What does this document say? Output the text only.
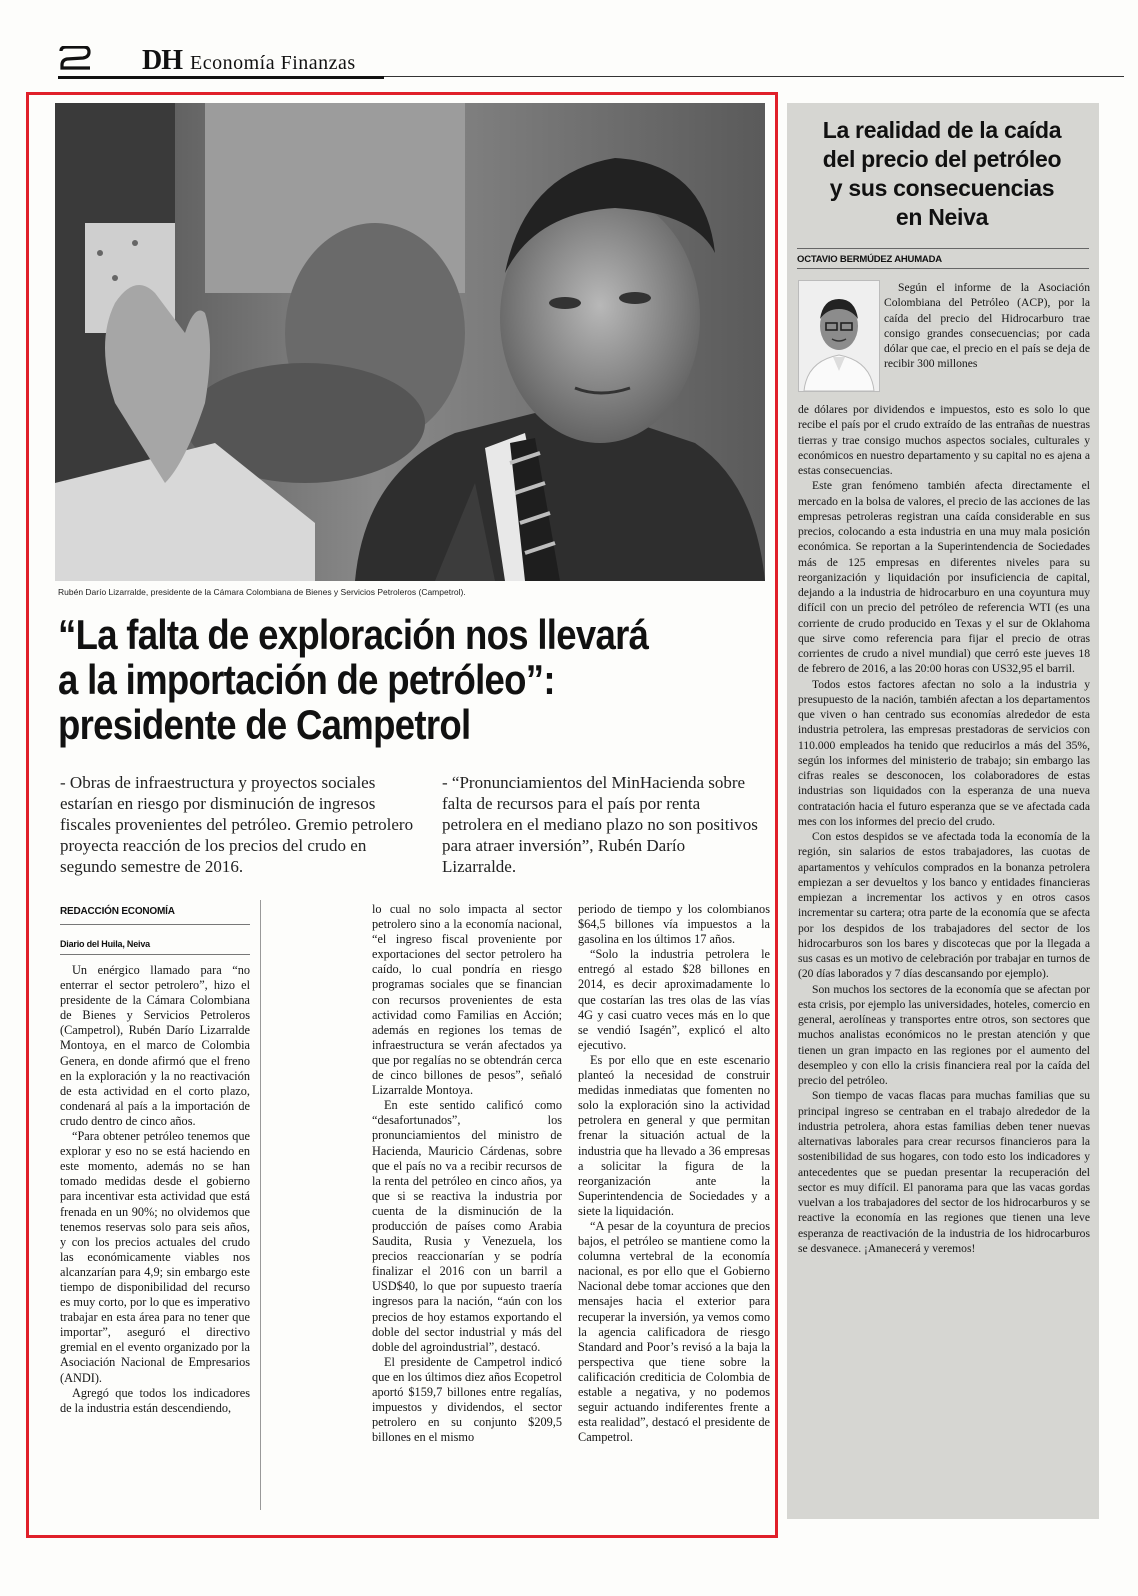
DH Economía Finanzas
Rubén Darío Lizarralde, presidente de la Cámara Colombiana de Bienes y Servicios Petroleros (Campetrol).
“La falta de exploración nos llevará
a la importación de petróleo”:
presidente de Campetrol
- Obras de infraestructura y proyectos sociales estarían en riesgo por disminución de ingresos fiscales provenientes del petróleo. Gremio petrolero proyecta reacción de los precios del crudo en segundo semestre de 2016.
- “Pronunciamientos del MinHacienda sobre falta de recursos para el país por renta petrolera en el mediano plazo no son positivos para atraer inversión”, Rubén Darío Lizarralde.
REDACCIÓN ECONOMÍA
Diario del Huila, Neiva

Un enérgico llamado para “no enterrar el sector petrolero”, hizo el presidente de la Cámara Colombiana de Bienes y Servicios Petroleros (Campetrol), Rubén Darío Lizarralde Montoya, en el marco de Colombia Genera, en donde afirmó que el freno en la exploración y la no reactivación de esta actividad en el corto plazo, condenará al país a la importación de crudo dentro de cinco años.

“Para obtener petróleo tenemos que explorar y eso no se está haciendo en este momento, además no se han tomado medidas desde el gobierno para incentivar esta actividad que está frenada en un 90%; no olvidemos que tenemos reservas solo para seis años, y con los precios actuales del crudo las económicamente viables nos alcanzarían para 4,9; sin embargo este tiempo de disponibilidad del recurso es muy corto, por lo que es imperativo trabajar en esta área para no tener que importar”, aseguró el directivo gremial en el evento organizado por la Asociación Nacional de Empresarios (ANDI).

Agregó que todos los indicadores de la industria están descendiendo,

lo cual no solo impacta al sector petrolero sino a la economía nacional, “el ingreso fiscal proveniente por exportaciones del sector petrolero ha caído, lo cual pondría en riesgo programas sociales que se financian con recursos provenientes de esta actividad como Familias en Acción; además en regiones los temas de infraestructura se verán afectados ya que por regalías no se obtendrán cerca de cinco billones de pesos”, señaló Lizarralde Montoya.

En este sentido calificó como “desafortunados”, los pronunciamientos del ministro de Hacienda, Mauricio Cárdenas, sobre que el país no va a recibir recursos de la renta del petróleo en cinco años, ya que si se reactiva la industria por cuenta de la disminución de la producción de países como Arabia Saudita, Rusia y Venezuela, los precios reaccionarían y se podría finalizar el 2016 con un barril a USD$40, lo que por supuesto traería ingresos para la nación, “aún con los precios de hoy estamos exportando el doble del sector industrial y más del doble del agroindustrial”, destacó.

El presidente de Campetrol indicó que en los últimos diez años Ecopetrol aportó $159,7 billones entre regalías, impuestos y dividendos, el sector petrolero en su conjunto $209,5 billones en el mismo

periodo de tiempo y los colombianos $64,5 billones vía impuestos a la gasolina en los últimos 17 años.

“Solo la industria petrolera le entregó al estado $28 billones en 2014, es decir aproximadamente lo que costarían las tres olas de las vías 4G y casi cuatro veces más en lo que se vendió Isagén”, explicó el alto ejecutivo.

Es por ello que en este escenario planteó la necesidad de construir medidas inmediatas que fomenten no solo la exploración sino la actividad petrolera en general y que permitan frenar la situación actual de la industria que ha llevado a 36 empresas a solicitar la figura de la reorganización ante la Superintendencia de Sociedades y a siete la liquidación.

“A pesar de la coyuntura de precios bajos, el petróleo se mantiene como la columna vertebral de la economía nacional, es por ello que el Gobierno Nacional debe tomar acciones que den mensajes hacia el exterior para recuperar la inversión, ya vemos como la agencia calificadora de riesgo Standard and Poor’s revisó a la baja la perspectiva que tiene sobre la calificación crediticia de Colombia de estable a negativa, y no podemos seguir actuando indiferentes frente a esta realidad”, destacó el presidente de Campetrol.

La realidad de la caída
del precio del petróleo
y sus consecuencias
en Neiva
OCTAVIO BERMÚDEZ AHUMADA

Según el informe de la Asociación Colombiana del Petróleo (ACP), por la caída del precio del Hidrocarburo trae consigo grandes consecuencias; por cada dólar que cae, el precio en el país se deja de recibir 300 millones

de dólares por dividendos e impuestos, esto es solo lo que recibe el país por el crudo extraído de las entrañas de nuestras tierras y trae consigo muchos aspectos sociales, culturales y económicos en nuestro departamento y su capital no es ajena a estas consecuencias.

Este gran fenómeno también afecta directamente el mercado en la bolsa de valores, el precio de las acciones de las empresas petroleras registran una caída considerable en sus precios, colocando a esta industria en una muy mala posición económica. Se reportan a la Superintendencia de Sociedades más de 125 empresas en diferentes niveles para su reorganización y liquidación por insuficiencia de capital, dejando a la industria de hidrocarburo en una coyuntura muy difícil con un precio del petróleo de referencia WTI (es una corriente de crudo producido en Texas y el sur de Oklahoma que sirve como referencia para fijar el precio de otras corrientes de crudo a nivel mundial) que cerró este jueves 18 de febrero de 2016, a las 20:00 horas con US32,95 el barril.

Todos estos factores afectan no solo a la industria y presupuesto de la nación, también afectan a los departamentos que viven o han centrado sus economías alrededor de esta industria petrolera, las empresas prestadoras de servicios con 110.000 empleados ha tenido que reducirlos a más del 35%, según los informes del ministerio de trabajo; sin embargo las cifras reales se desconocen, los colaboradores de estas industrias son liquidados con la esperanza de una nueva contratación hacia el futuro esperanza que se ve afectada cada mes con los informes del precio del crudo.

Con estos despidos se ve afectada toda la economía de la región, sin salarios de estos trabajadores, las cuotas de apartamentos y vehículos comprados en la bonanza petrolera empiezan a ser devueltos y los banco y entidades financieras empiezan a incrementar los activos y en otros casos incrementar su cartera; otra parte de la economía que se afecta por los despidos de los trabajadores del sector de los hidrocarburos son los bares y discotecas que por la llegada a sus casas es un motivo de celebración por trabajar en turnos de (20 días laborados y 7 días descansando por ejemplo).

Son muchos los sectores de la economía que se afectan por esta crisis, por ejemplo las universidades, hoteles, comercio en general, aerolíneas y transportes entre otros, son sectores que muchos analistas económicos no le prestan atención y que tienen un gran impacto en las regiones por el aumento del desempleo y con ello la crisis financiera real por la caída del precio del petróleo.

Son tiempo de vacas flacas para muchas familias que su principal ingreso se centraban en el trabajo alrededor de la industria petrolera, ahora estas familias deben tener nuevas alternativas laborales para crear recursos financieros para la sostenibilidad de sus hogares, con todo esto los indicadores y antecedentes que se puedan presentar la recuperación del sector es muy difícil. El panorama para que las vacas gordas vuelvan a los trabajadores del sector de los hidrocarburos y se reactive la economía en las regiones que tienen una leve esperanza de reactivación de la industria de los hidrocarburos se desvanece. ¡Amanecerá y veremos!
